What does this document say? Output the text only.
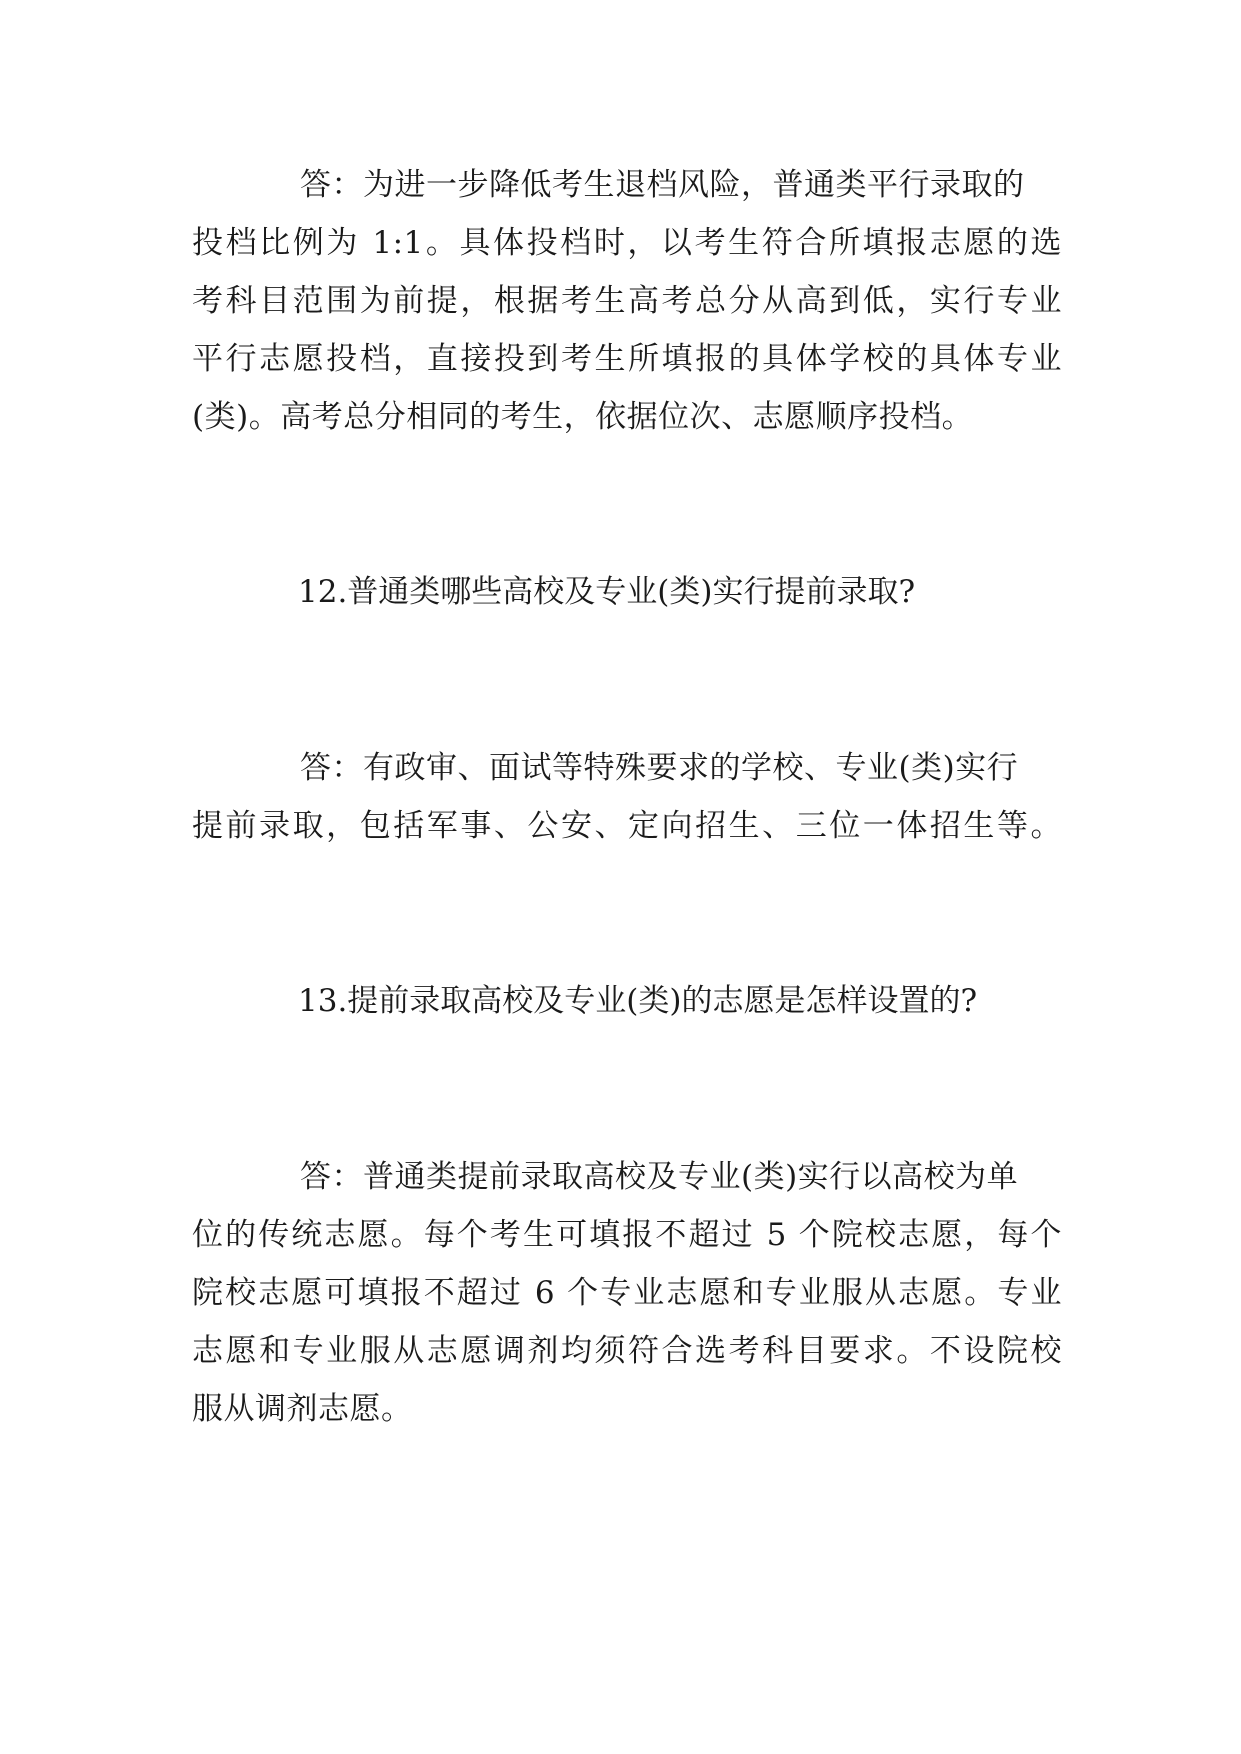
答：为进一步降低考生退档风险，普通类平行录取的
投档比例为 1:1。具体投档时，以考生符合所填报志愿的选
考科目范围为前提，根据考生高考总分从高到低，实行专业
平行志愿投档，直接投到考生所填报的具体学校的具体专业
(类)。高考总分相同的考生，依据位次、志愿顺序投档。
12.普通类哪些高校及专业(类)实行提前录取?
答：有政审、面试等特殊要求的学校、专业(类)实行
提前录取，包括军事、公安、定向招生、三位一体招生等。
13.提前录取高校及专业(类)的志愿是怎样设置的?
答：普通类提前录取高校及专业(类)实行以高校为单
位的传统志愿。每个考生可填报不超过 5 个院校志愿，每个
院校志愿可填报不超过 6 个专业志愿和专业服从志愿。专业
志愿和专业服从志愿调剂均须符合选考科目要求。不设院校
服从调剂志愿。
